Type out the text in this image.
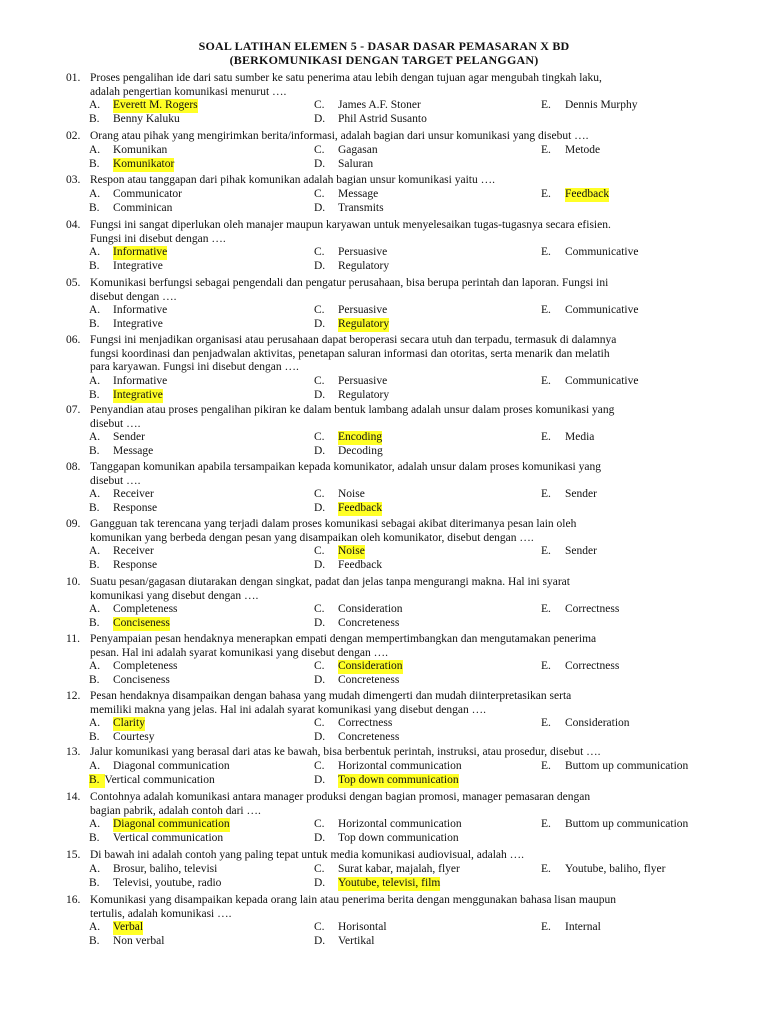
SOAL LATIHAN ELEMEN 5 - DASAR DASAR PEMASARAN X BD
(BERKOMUNIKASI DENGAN TARGET PELANGGAN)
01. Proses pengalihan ide dari satu sumber ke satu penerima atau lebih dengan tujuan agar mengubah tingkah laku,
adalah pengertian komunikasi menurut ….
A.	Everett M. Rogers	C.	James A.F. Stoner	E.	Dennis Murphy
B.	Benny Kaluku	D.	Phil Astrid Susanto
02. Orang atau pihak yang mengirimkan berita/informasi, adalah bagian dari unsur komunikasi yang disebut ….
A.	Komunikan	C.	Gagasan	E.	Metode
B.	Komunikator	D.	Saluran
03. Respon atau tanggapan dari pihak komunikan adalah bagian unsur komunikasi yaitu ….
A.	Communicator	C.	Message	E.	Feedback
B.	Comminican	D.	Transmits
04. Fungsi ini sangat diperlukan oleh manajer maupun karyawan untuk menyelesaikan tugas-tugasnya secara efisien.
Fungsi ini disebut dengan ….
A.	Informative	C.	Persuasive	E.	Communicative
B.	Integrative	D.	Regulatory
05. Komunikasi berfungsi sebagai pengendali dan pengatur perusahaan, bisa berupa perintah dan laporan. Fungsi ini
disebut dengan ….
A.	Informative	C.	Persuasive	E.	Communicative
B.	Integrative	D.	Regulatory
06. Fungsi ini menjadikan organisasi atau perusahaan dapat beroperasi secara utuh dan terpadu, termasuk di dalamnya
fungsi koordinasi dan penjadwalan aktivitas, penetapan saluran informasi dan otoritas, serta menarik dan melatih
para karyawan. Fungsi ini disebut dengan ….
A.	Informative	C.	Persuasive	E.	Communicative
B.	Integrative	D.	Regulatory
07. Penyandian atau proses pengalihan pikiran ke dalam bentuk lambang adalah unsur dalam proses komunikasi yang
disebut ….
A.	Sender	C.	Encoding	E.	Media
B.	Message	D.	Decoding
08. Tanggapan komunikan apabila tersampaikan kepada komunikator, adalah unsur dalam proses komunikasi yang
disebut ….
A.	Receiver	C.	Noise	E.	Sender
B.	Response	D.	Feedback
09. Gangguan tak terencana yang terjadi dalam proses komunikasi sebagai akibat diterimanya pesan lain oleh
komunikan yang berbeda dengan pesan yang disampaikan oleh komunikator, disebut dengan ….
A.	Receiver	C.	Noise	E.	Sender
B.	Response	D.	Feedback
10. Suatu pesan/gagasan diutarakan dengan singkat, padat dan jelas tanpa mengurangi makna. Hal ini syarat
komunikasi yang disebut dengan ….
A.	Completeness	C.	Consideration	E.	Correctness
B.	Conciseness	D.	Concreteness
11. Penyampaian pesan hendaknya menerapkan empati dengan mempertimbangkan dan mengutamakan penerima
pesan. Hal ini adalah syarat komunikasi yang disebut dengan ….
A.	Completeness	C.	Consideration	E.	Correctness
B.	Conciseness	D.	Concreteness
12. Pesan hendaknya disampaikan dengan bahasa yang mudah dimengerti dan mudah diinterpretasikan serta
memiliki makna yang jelas. Hal ini adalah syarat komunikasi yang disebut dengan ….
A.	Clarity	C.	Correctness	E.	Consideration
B.	Courtesy	D.	Concreteness
13. Jalur komunikasi yang berasal dari atas ke bawah, bisa berbentuk perintah, instruksi, atau prosedur, disebut ….
A.	Diagonal communication	C.	Horizontal communication	E.	Buttom up communication
B. Vertical communication	D.	Top down communication
14. Contohnya adalah komunikasi antara manager produksi dengan bagian promosi, manager pemasaran dengan
bagian pabrik, adalah contoh dari ….
A.	Diagonal communication	C.	Horizontal communication	E.	Buttom up communication
B.	Vertical communication	D.	Top down communication
15. Di bawah ini adalah contoh yang paling tepat untuk media komunikasi audiovisual, adalah ….
A.	Brosur, baliho, televisi	C.	Surat kabar, majalah, flyer	E.	Youtube, baliho, flyer
B.	Televisi, youtube, radio	D.	Youtube, televisi, film
16. Komunikasi yang disampaikan kepada orang lain atau penerima berita dengan menggunakan bahasa lisan maupun
tertulis, adalah komunikasi ….
A.	Verbal	C.	Horisontal	E.	Internal
B.	Non verbal	D.	Vertikal
